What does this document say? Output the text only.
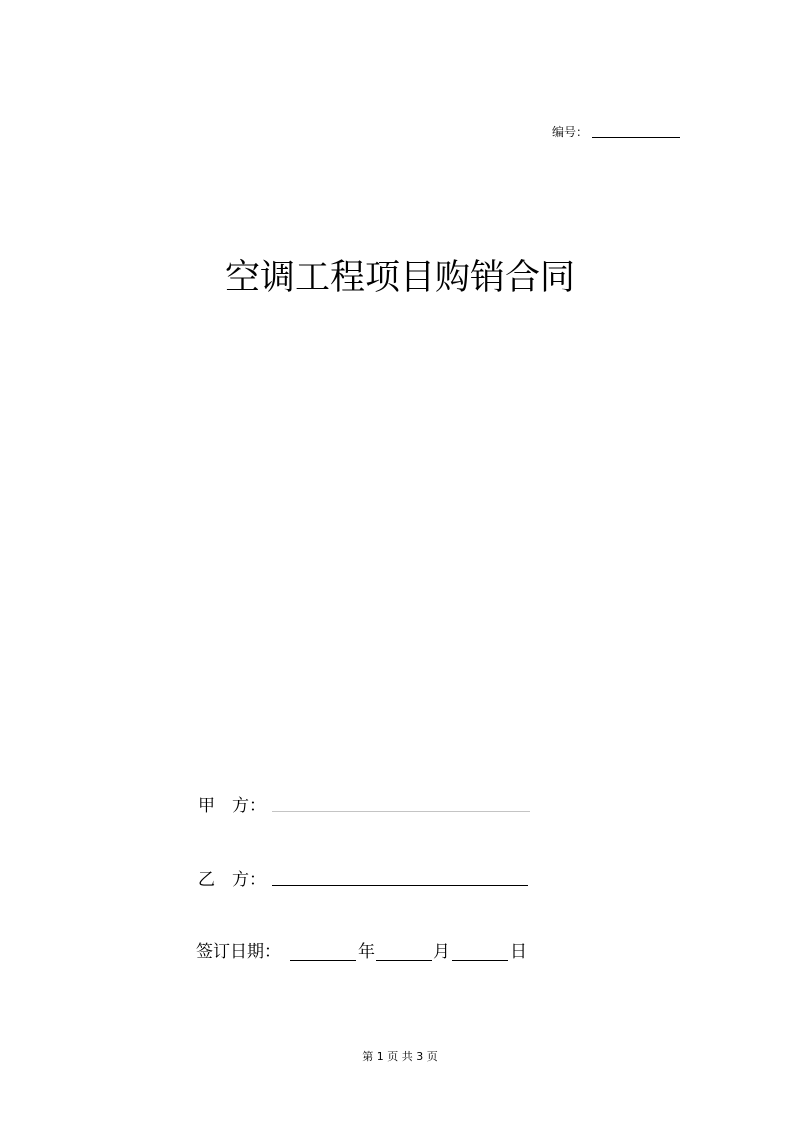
编号：
空调工程项目购销合同
甲　方：
乙　方：
签订日期：	年	月	日
第 1 页 共 3 页
